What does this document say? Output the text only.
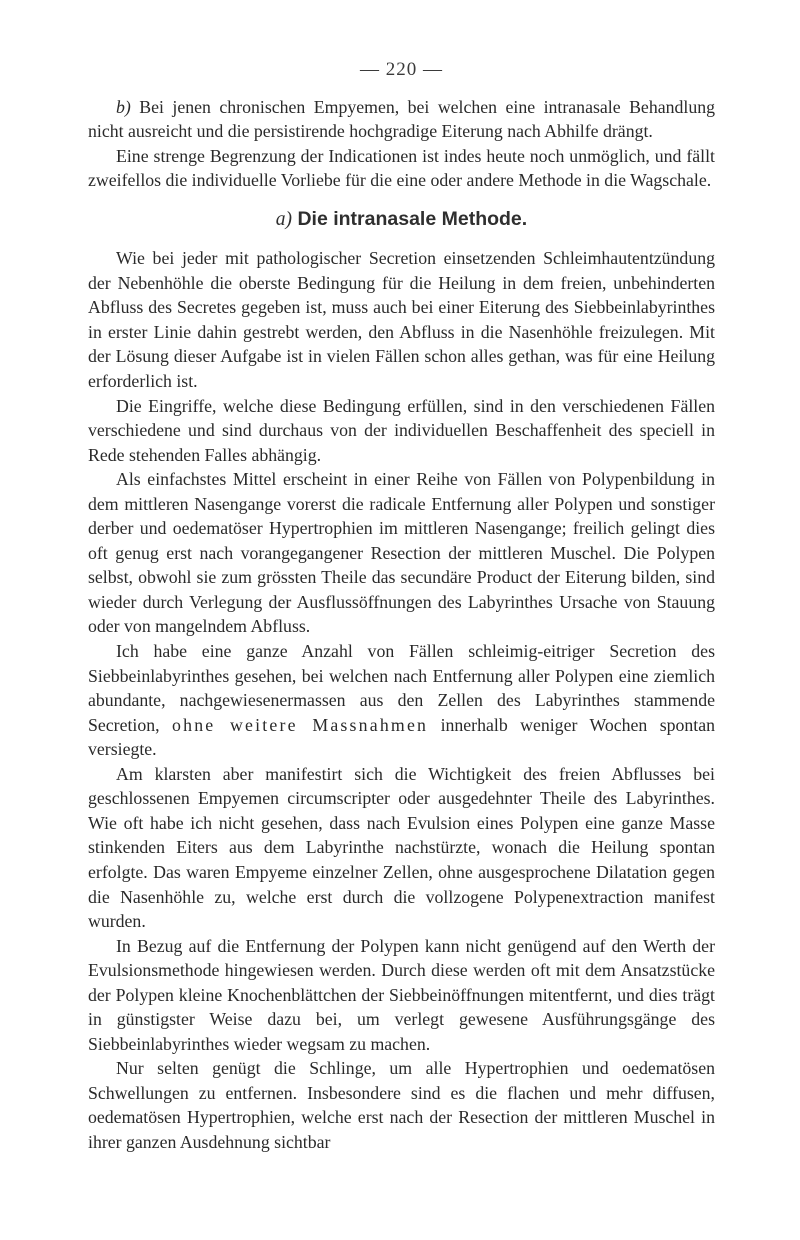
— 220 —

b) Bei jenen chronischen Empyemen, bei welchen eine intranasale Behandlung nicht ausreicht und die persistirende hochgradige Eiterung nach Abhilfe drängt.

Eine strenge Begrenzung der Indicationen ist indes heute noch unmöglich, und fällt zweifellos die individuelle Vorliebe für die eine oder andere Methode in die Wagschale.

a) Die intranasale Methode.

Wie bei jeder mit pathologischer Secretion einsetzenden Schleimhautentzündung der Nebenhöhle die oberste Bedingung für die Heilung in dem freien, unbehinderten Abfluss des Secretes gegeben ist, muss auch bei einer Eiterung des Siebbeinlabyrinthes in erster Linie dahin gestrebt werden, den Abfluss in die Nasenhöhle freizulegen. Mit der Lösung dieser Aufgabe ist in vielen Fällen schon alles gethan, was für eine Heilung erforderlich ist.

Die Eingriffe, welche diese Bedingung erfüllen, sind in den verschiedenen Fällen verschiedene und sind durchaus von der individuellen Beschaffenheit des speciell in Rede stehenden Falles abhängig.

Als einfachstes Mittel erscheint in einer Reihe von Fällen von Polypenbildung in dem mittleren Nasengange vorerst die radicale Entfernung aller Polypen und sonstiger derber und oedematöser Hypertrophien im mittleren Nasengange; freilich gelingt dies oft genug erst nach vorangegangener Resection der mittleren Muschel. Die Polypen selbst, obwohl sie zum grössten Theile das secundäre Product der Eiterung bilden, sind wieder durch Verlegung der Ausflussöffnungen des Labyrinthes Ursache von Stauung oder von mangelndem Abfluss.

Ich habe eine ganze Anzahl von Fällen schleimig-eitriger Secretion des Siebbeinlabyrinthes gesehen, bei welchen nach Entfernung aller Polypen eine ziemlich abundante, nachgewiesenermassen aus den Zellen des Labyrinthes stammende Secretion, ohne weitere Massnahmen innerhalb weniger Wochen spontan versiegte.

Am klarsten aber manifestirt sich die Wichtigkeit des freien Abflusses bei geschlossenen Empyemen circumscripter oder ausgedehnter Theile des Labyrinthes. Wie oft habe ich nicht gesehen, dass nach Evulsion eines Polypen eine ganze Masse stinkenden Eiters aus dem Labyrinthe nachstürzte, wonach die Heilung spontan erfolgte. Das waren Empyeme einzelner Zellen, ohne ausgesprochene Dilatation gegen die Nasenhöhle zu, welche erst durch die vollzogene Polypenextraction manifest wurden.

In Bezug auf die Entfernung der Polypen kann nicht genügend auf den Werth der Evulsionsmethode hingewiesen werden. Durch diese werden oft mit dem Ansatzstücke der Polypen kleine Knochenblättchen der Siebbeinöffnungen mitentfernt, und dies trägt in günstigster Weise dazu bei, um verlegt gewesene Ausführungsgänge des Siebbeinlabyrinthes wieder wegsam zu machen.

Nur selten genügt die Schlinge, um alle Hypertrophien und oedematösen Schwellungen zu entfernen. Insbesondere sind es die flachen und mehr diffusen, oedematösen Hypertrophien, welche erst nach der Resection der mittleren Muschel in ihrer ganzen Ausdehnung sichtbar
